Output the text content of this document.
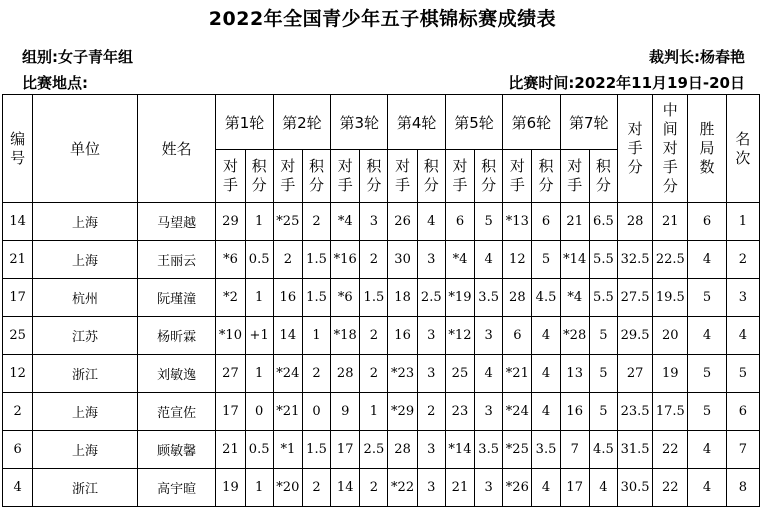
2022年全国青少年五子棋锦标赛成绩表
组别:女子青年组	裁判长:杨春艳
比赛地点:	比赛时间:2022年11月19日-20日
编号	单位	姓名	第1轮		第2轮		第3轮		第4轮		第5轮		第6轮		第7轮		对手分	中间对手分	胜局数	名次
			对手	积分	对手	积分	对手	积分	对手	积分	对手	积分	对手	积分	对手	积分				
14	上海	马望越	29	1	*25	2	*4	3	26	4	6	5	*13	6	21	6.5	28	21	6	1
21	上海	王丽云	*6	0.5	2	1.5	*16	2	30	3	*4	4	12	5	*14	5.5	32.5	22.5	4	2
17	杭州	阮瑾潼	*2	1	16	1.5	*6	1.5	18	2.5	*19	3.5	28	4.5	*4	5.5	27.5	19.5	5	3
25	江苏	杨昕霖	*10	+1	14	1	*18	2	16	3	*12	3	6	4	*28	5	29.5	20	4	4
12	浙江	刘敏逸	27	1	*24	2	28	2	*23	3	25	4	*21	4	13	5	27	19	5	5
2	上海	范宣佐	17	0	*21	0	9	1	*29	2	23	3	*24	4	16	5	23.5	17.5	5	6
6	上海	顾敏馨	21	0.5	*1	1.5	17	2.5	28	3	*14	3.5	*25	3.5	7	4.5	31.5	22	4	7
4	浙江	高宇暄	19	1	*20	2	14	2	*22	3	21	3	*26	4	17	4	30.5	22	4	8
